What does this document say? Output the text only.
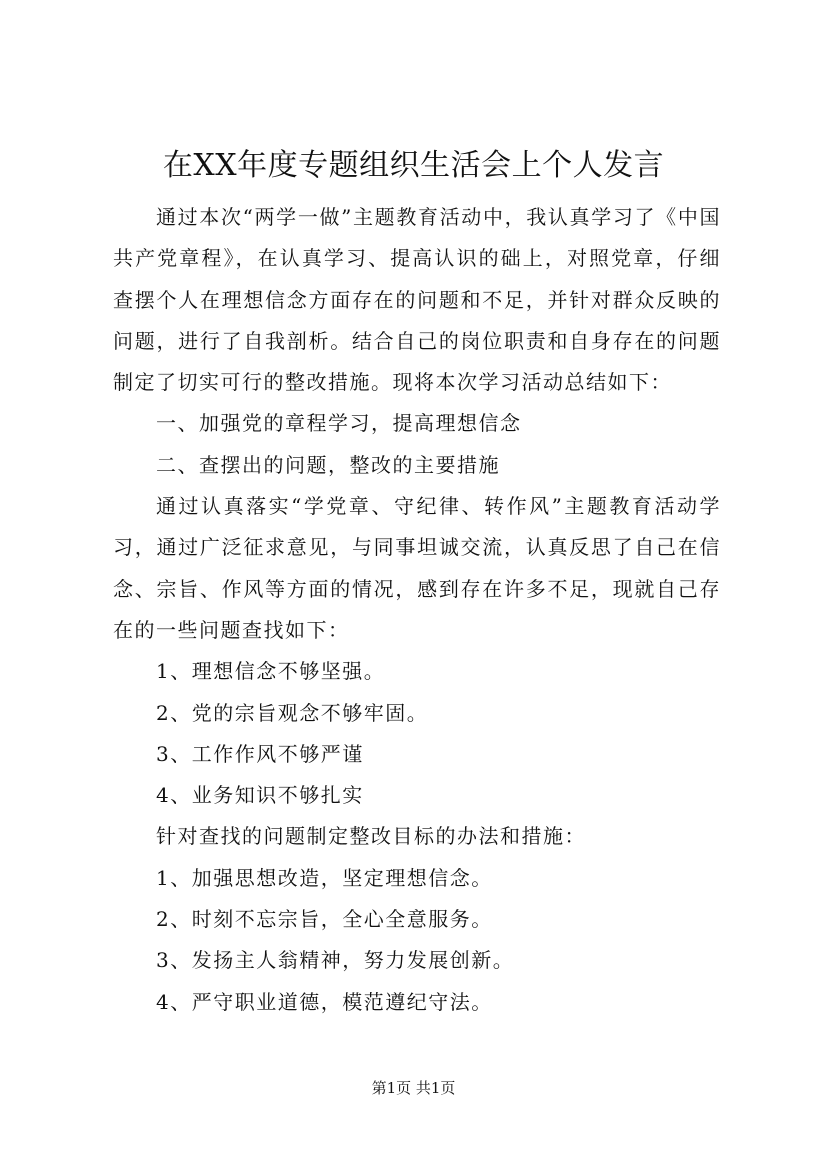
在XX年度专题组织生活会上个人发言

通过本次“两学一做”主题教育活动中，我认真学习了《中国共产党章程》，在认真学习、提高认识的础上，对照党章，仔细查摆个人在理想信念方面存在的问题和不足，并针对群众反映的问题，进行了自我剖析。结合自己的岗位职责和自身存在的问题制定了切实可行的整改措施。现将本次学习活动总结如下：

一、加强党的章程学习，提高理想信念

二、查摆出的问题，整改的主要措施

通过认真落实“学党章、守纪律、转作风”主题教育活动学习，通过广泛征求意见，与同事坦诚交流，认真反思了自己在信念、宗旨、作风等方面的情况，感到存在许多不足，现就自己存在的一些问题查找如下：

1、理想信念不够坚强。

2、党的宗旨观念不够牢固。

3、工作作风不够严谨

4、业务知识不够扎实

针对查找的问题制定整改目标的办法和措施：

1、加强思想改造，坚定理想信念。

2、时刻不忘宗旨，全心全意服务。

3、发扬主人翁精神，努力发展创新。

4、严守职业道德，模范遵纪守法。

第1页 共1页
